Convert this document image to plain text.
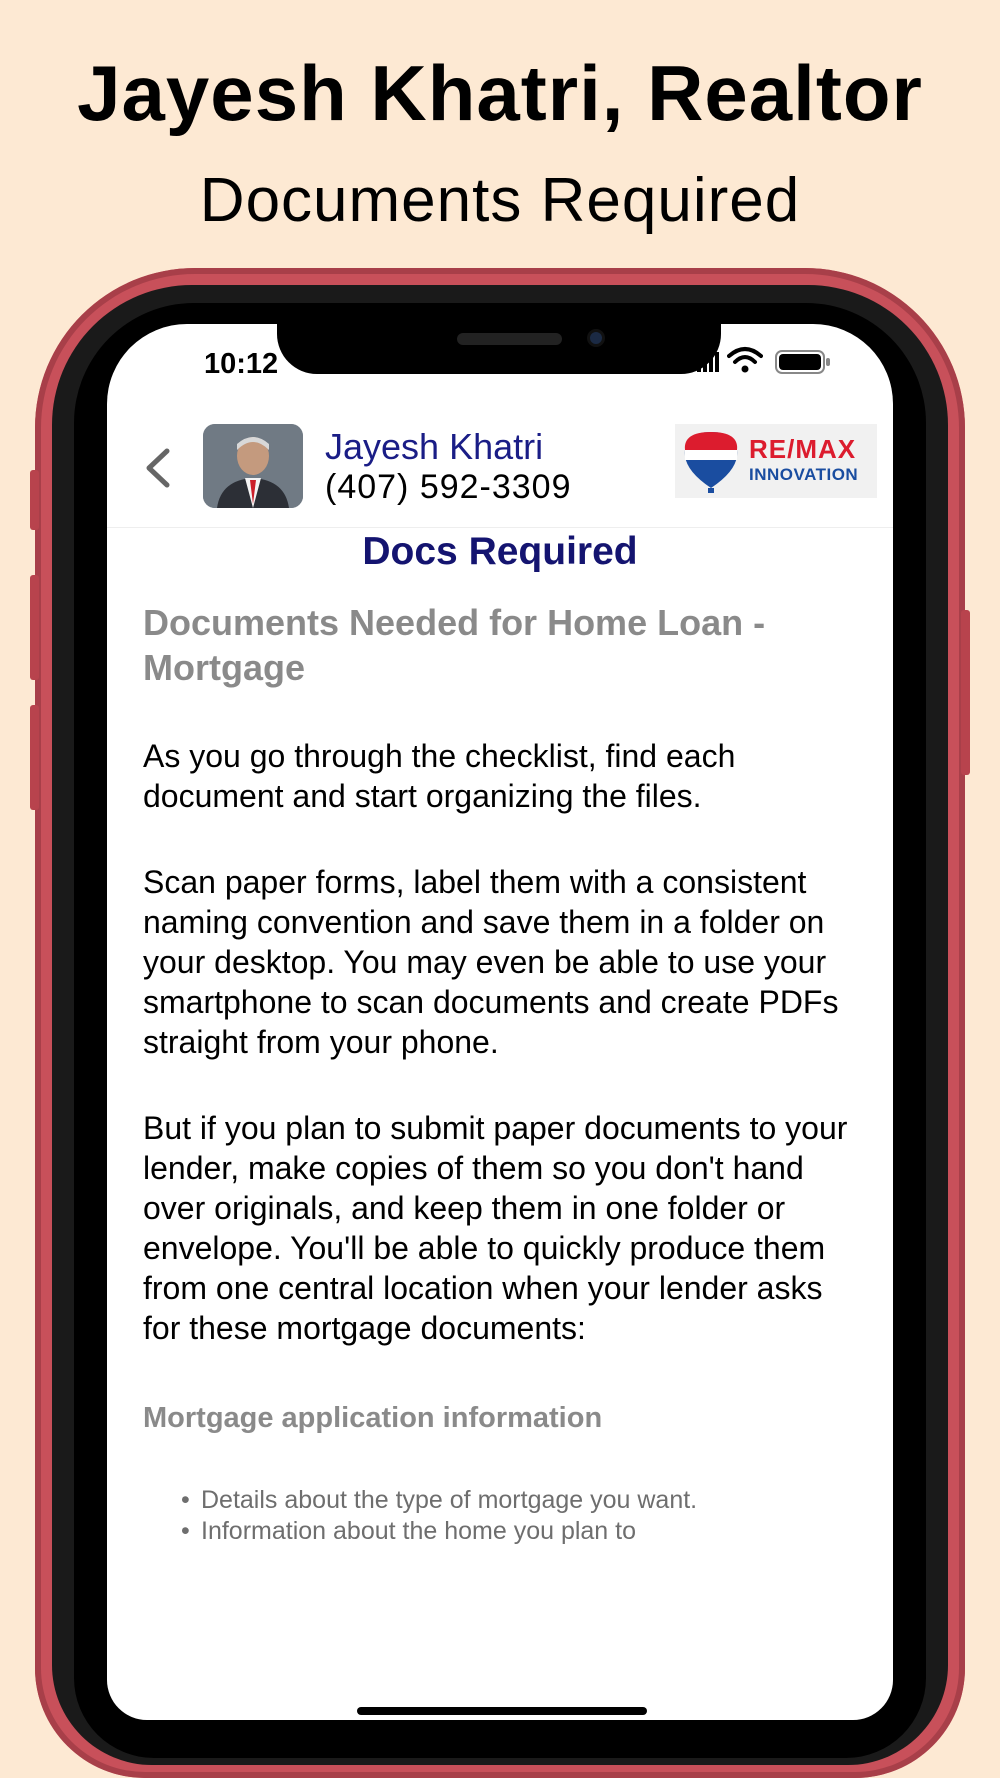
Jayesh Khatri, Realtor
Documents Required
10:12
Jayesh Khatri
(407) 592-3309
RE/MAX
INNOVATION
Docs Required
Documents Needed for Home Loan - Mortgage

As you go through the checklist, find each document and start organizing the files.

Scan paper forms, label them with a consistent naming convention and save them in a folder on your desktop. You may even be able to use your smartphone to scan documents and create PDFs straight from your phone.

But if you plan to submit paper documents to your lender, make copies of them so you don't hand over originals, and keep them in one folder or envelope. You'll be able to quickly produce them from one central location when your lender asks for these mortgage documents:

Mortgage application information
• Details about the type of mortgage you want.
• Information about the home you plan to
